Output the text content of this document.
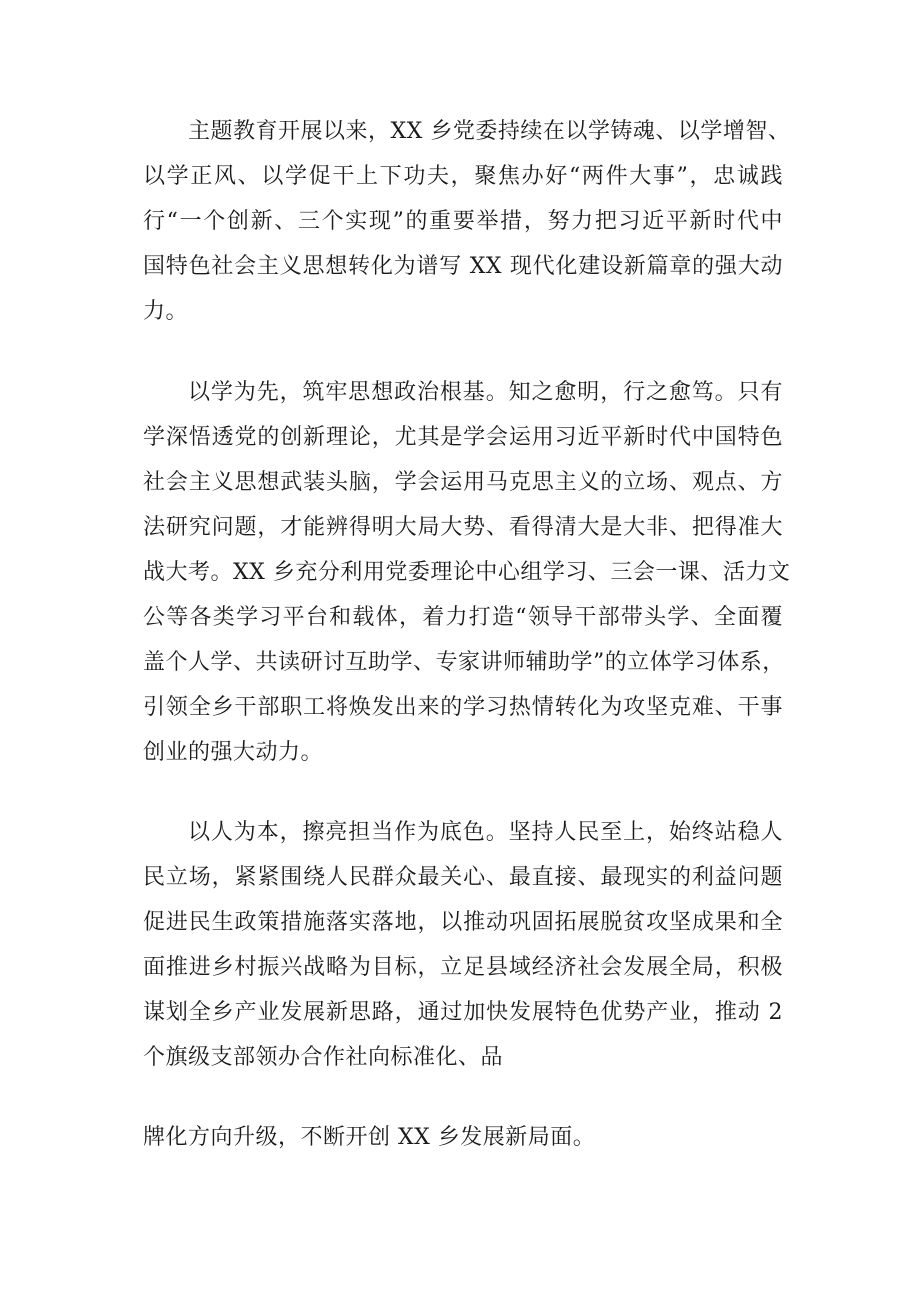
主题教育开展以来，XX 乡党委持续在以学铸魂、以学增智、
以学正风、以学促干上下功夫，聚焦办好“两件大事”，忠诚践
行“一个创新、三个实现”的重要举措，努力把习近平新时代中
国特色社会主义思想转化为谱写 XX 现代化建设新篇章的强大动
力。
以学为先，筑牢思想政治根基。知之愈明，行之愈笃。只有
学深悟透党的创新理论，尤其是学会运用习近平新时代中国特色
社会主义思想武装头脑，学会运用马克思主义的立场、观点、方
法研究问题，才能辨得明大局大势、看得清大是大非、把得准大
战大考。XX 乡充分利用党委理论中心组学习、三会一课、活力文
公等各类学习平台和载体，着力打造“领导干部带头学、全面覆
盖个人学、共读研讨互助学、专家讲师辅助学”的立体学习体系，
引领全乡干部职工将焕发出来的学习热情转化为攻坚克难、干事
创业的强大动力。
以人为本，擦亮担当作为底色。坚持人民至上，始终站稳人
民立场，紧紧围绕人民群众最关心、最直接、最现实的利益问题
促进民生政策措施落实落地，以推动巩固拓展脱贫攻坚成果和全
面推进乡村振兴战略为目标，立足县域经济社会发展全局，积极
谋划全乡产业发展新思路，通过加快发展特色优势产业，推动 2
个旗级支部领办合作社向标准化、品
牌化方向升级，不断开创 XX 乡发展新局面。
